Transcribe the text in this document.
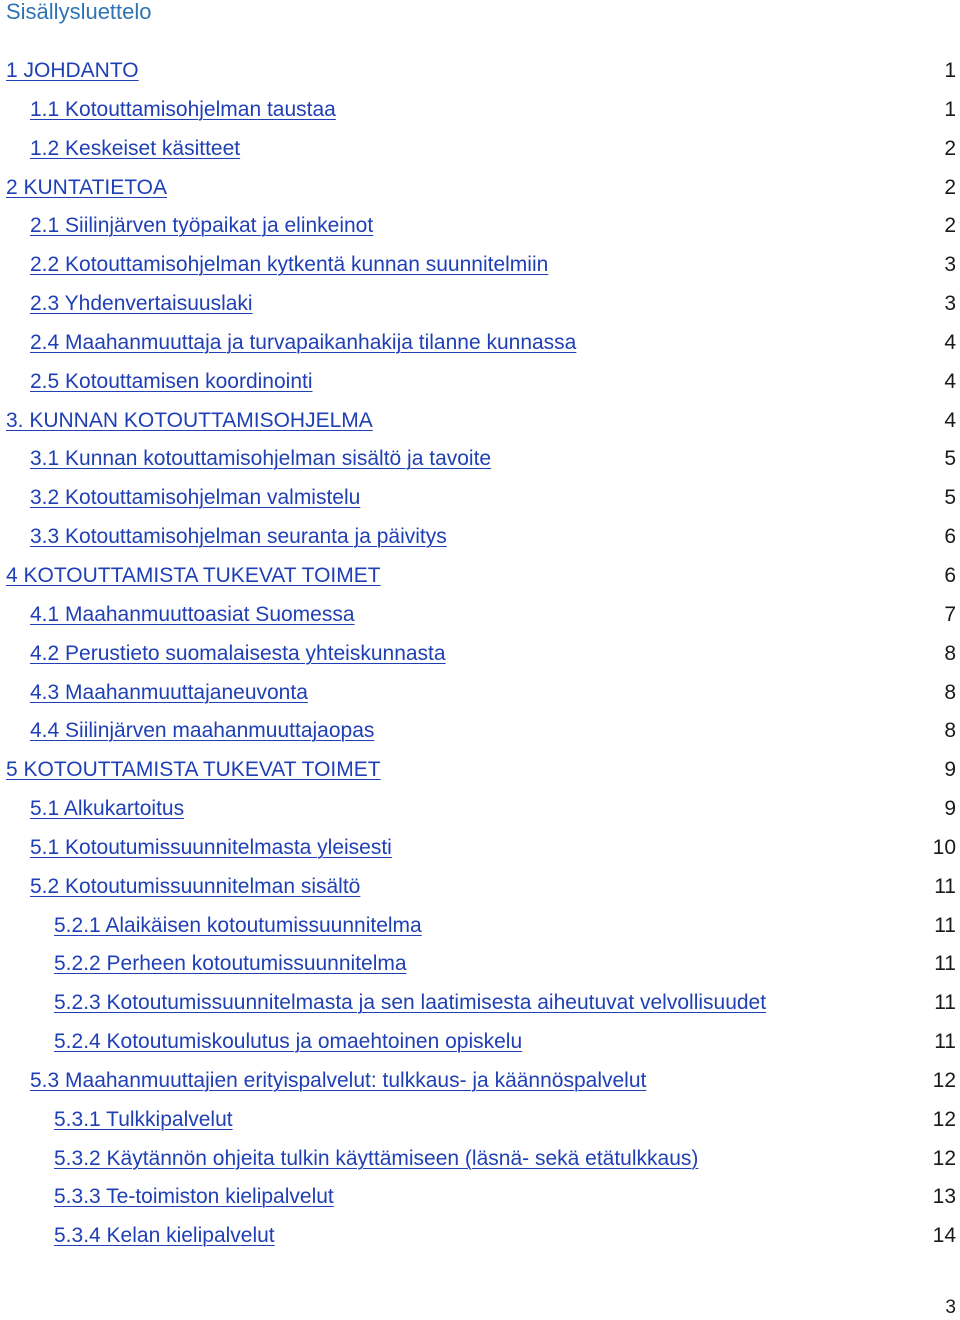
Sisällysluettelo
1 JOHDANTO	1
1.1 Kotouttamisohjelman taustaa	1
1.2 Keskeiset käsitteet	2
2 KUNTATIETOA	2
2.1 Siilinjärven työpaikat ja elinkeinot	2
2.2 Kotouttamisohjelman kytkentä kunnan suunnitelmiin	3
2.3 Yhdenvertaisuuslaki	3
2.4 Maahanmuuttaja ja turvapaikanhakija tilanne kunnassa	4
2.5 Kotouttamisen koordinointi	4
3. KUNNAN KOTOUTTAMISOHJELMA	4
3.1 Kunnan kotouttamisohjelman sisältö ja tavoite	5
3.2 Kotouttamisohjelman valmistelu	5
3.3 Kotouttamisohjelman seuranta ja päivitys	6
4 KOTOUTTAMISTA TUKEVAT TOIMET	6
4.1 Maahanmuuttoasiat Suomessa	7
4.2 Perustieto suomalaisesta yhteiskunnasta	8
4.3 Maahanmuuttajaneuvonta	8
4.4 Siilinjärven maahanmuuttajaopas	8
5 KOTOUTTAMISTA TUKEVAT TOIMET	9
5.1 Alkukartoitus	9
5.1 Kotoutumissuunnitelmasta yleisesti	10
5.2 Kotoutumissuunnitelman sisältö	11
5.2.1 Alaikäisen kotoutumissuunnitelma	11
5.2.2 Perheen kotoutumissuunnitelma	11
5.2.3 Kotoutumissuunnitelmasta ja sen laatimisesta aiheutuvat velvollisuudet	11
5.2.4 Kotoutumiskoulutus ja omaehtoinen opiskelu	11
5.3 Maahanmuuttajien erityispalvelut: tulkkaus- ja käännöspalvelut	12
5.3.1 Tulkkipalvelut	12
5.3.2 Käytännön ohjeita tulkin käyttämiseen (läsnä- sekä etätulkkaus)	12
5.3.3 Te-toimiston kielipalvelut	13
5.3.4 Kelan kielipalvelut	14
3
